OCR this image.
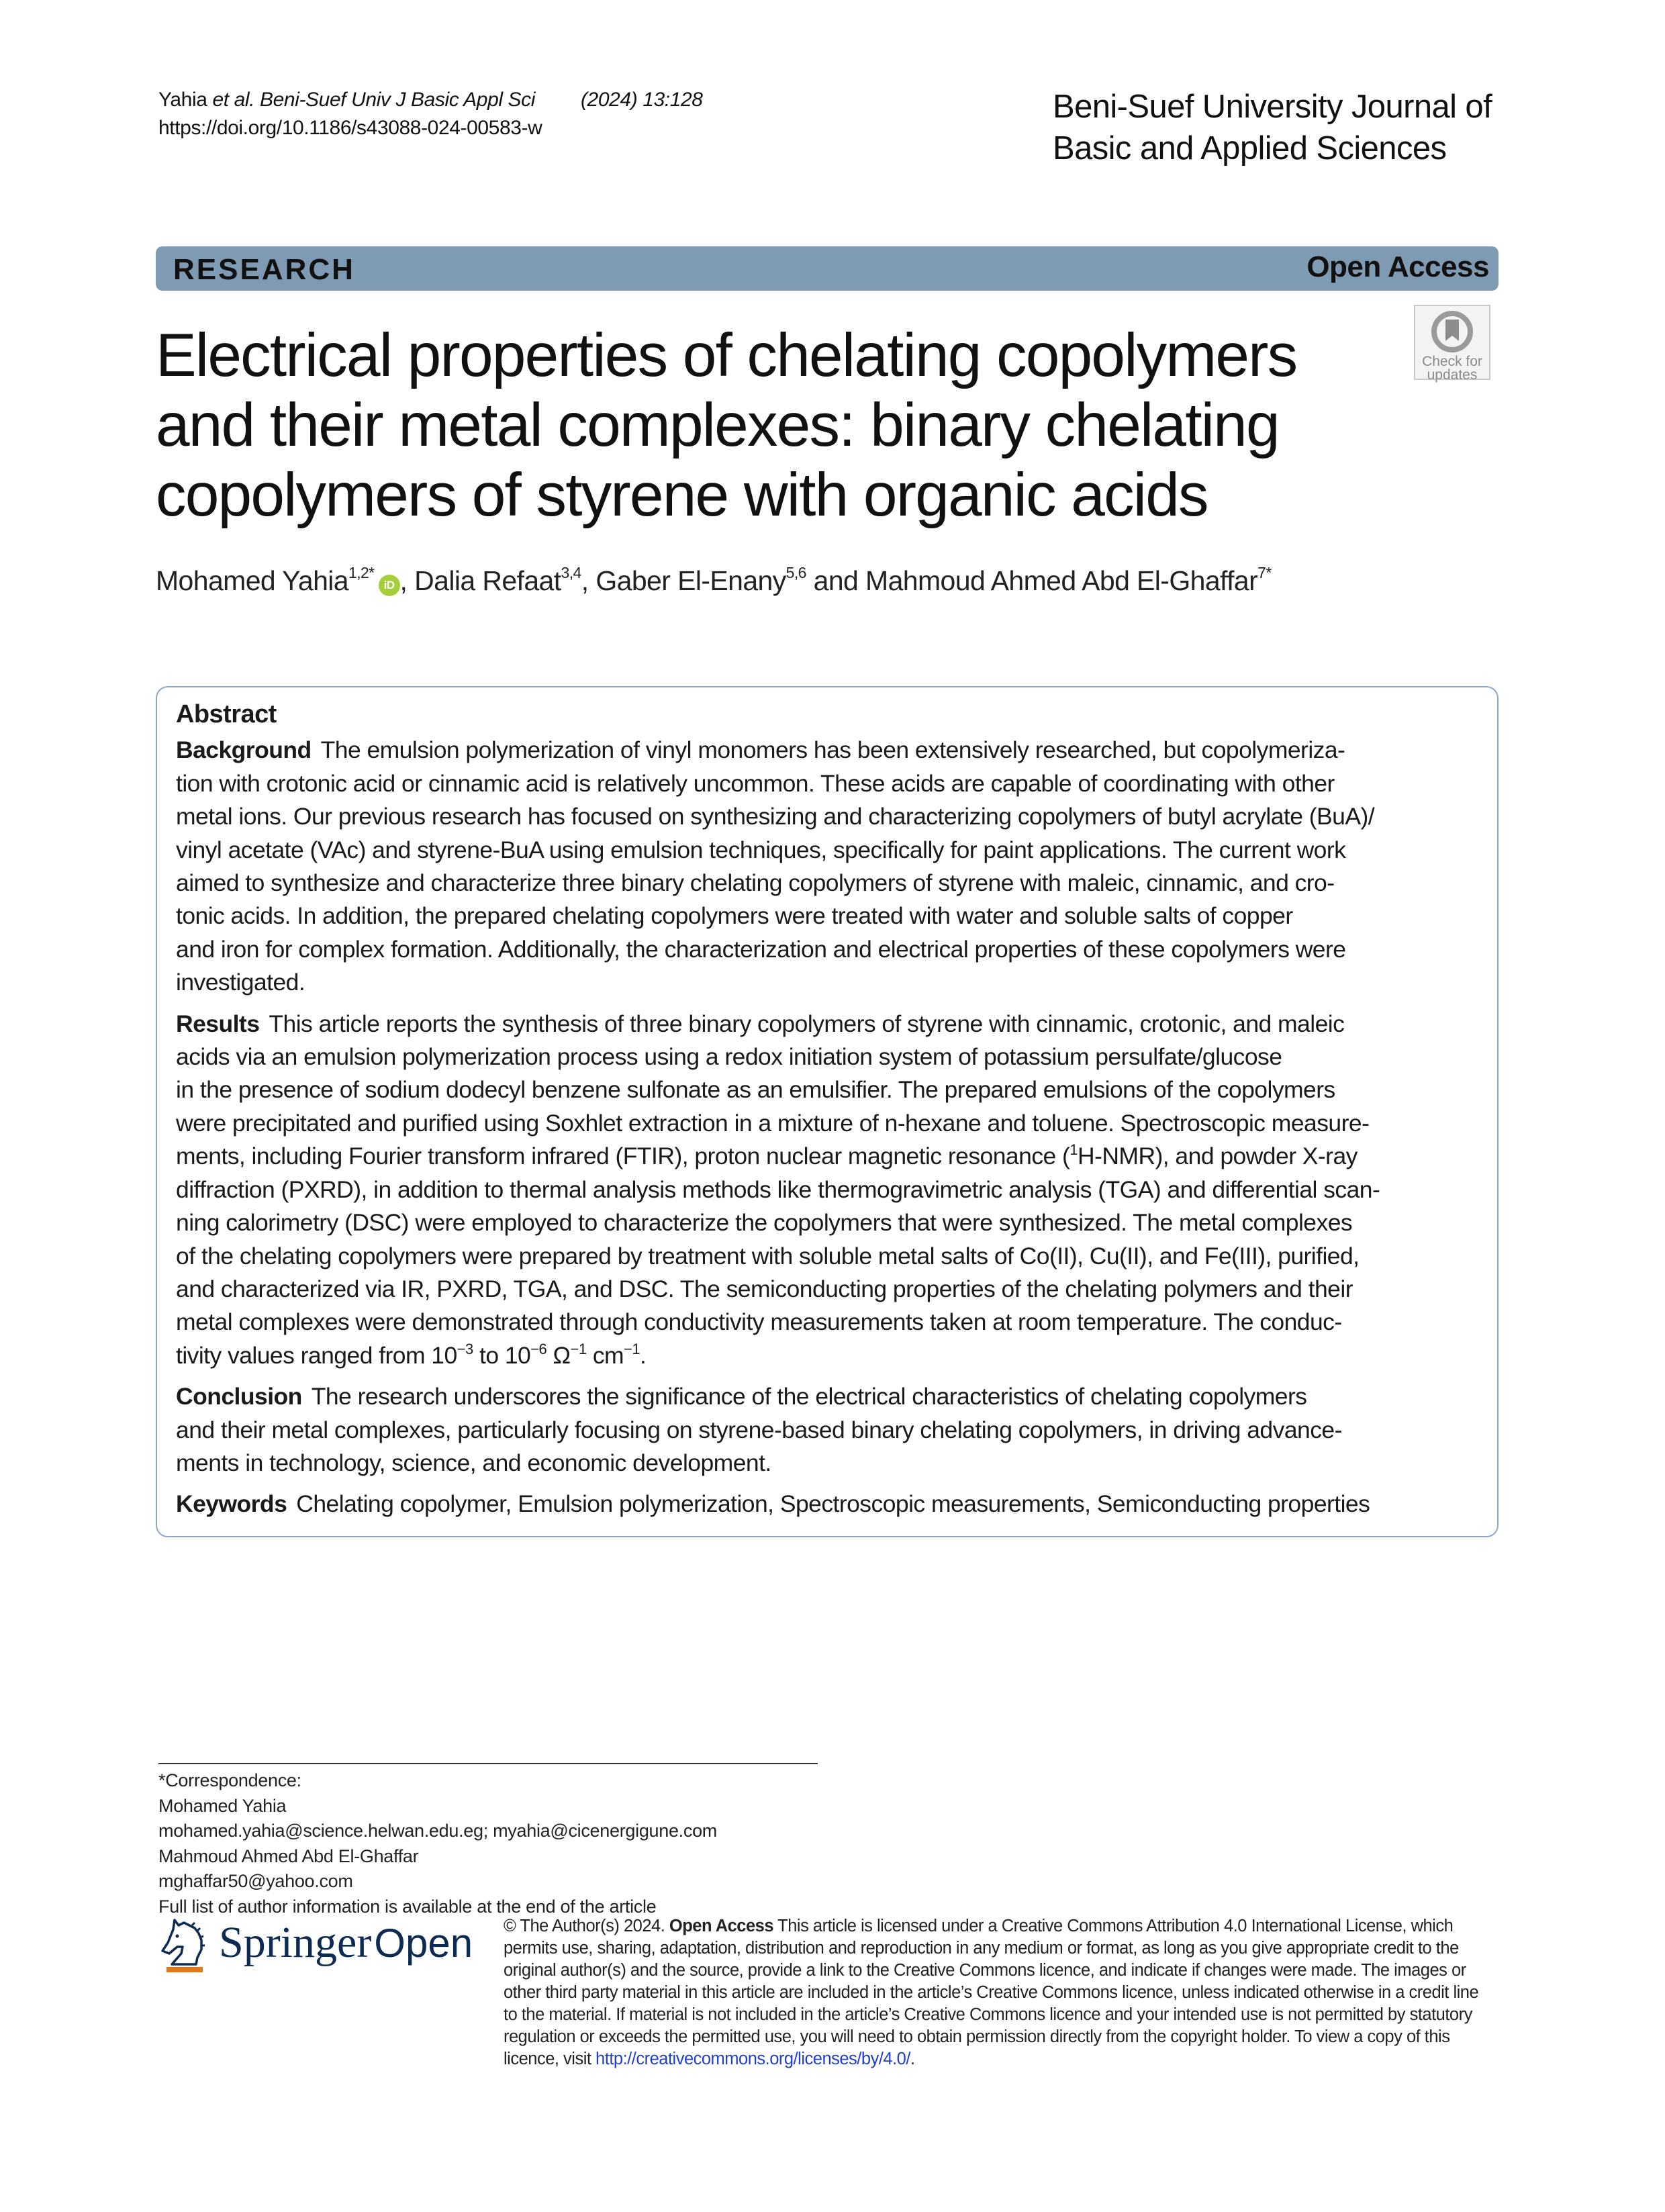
Yahia et al. Beni-Suef Univ J Basic Appl Sci (2024) 13:128
https://doi.org/10.1186/s43088-024-00583-w
Beni-Suef University Journal of
Basic and Applied Sciences
RESEARCH	Open Access
Electrical properties of chelating copolymers
and their metal complexes: binary chelating
copolymers of styrene with organic acids
Check for
updates
Mohamed Yahia$^{1,2*}$iD , Dalia Refaat$^{3,4}$, Gaber El-Enany$^{5,6}$ and Mahmoud Ahmed Abd El-Ghaffar$^{7*}$
Abstract
Background The emulsion polymerization of vinyl monomers has been extensively researched, but copolymeriza-
tion with crotonic acid or cinnamic acid is relatively uncommon. These acids are capable of coordinating with other
metal ions. Our previous research has focused on synthesizing and characterizing copolymers of butyl acrylate (BuA)/
vinyl acetate (VAc) and styrene-BuA using emulsion techniques, specifically for paint applications. The current work
aimed to synthesize and characterize three binary chelating copolymers of styrene with maleic, cinnamic, and cro-
tonic acids. In addition, the prepared chelating copolymers were treated with water and soluble salts of copper
and iron for complex formation. Additionally, the characterization and electrical properties of these copolymers were
investigated.
Results This article reports the synthesis of three binary copolymers of styrene with cinnamic, crotonic, and maleic
acids via an emulsion polymerization process using a redox initiation system of potassium persulfate/glucose
in the presence of sodium dodecyl benzene sulfonate as an emulsifier. The prepared emulsions of the copolymers
were precipitated and purified using Soxhlet extraction in a mixture of n-hexane and toluene. Spectroscopic measure-
ments, including Fourier transform infrared (FTIR), proton nuclear magnetic resonance ($^1$H-NMR), and powder X-ray
diffraction (PXRD), in addition to thermal analysis methods like thermogravimetric analysis (TGA) and differential scan-
ning calorimetry (DSC) were employed to characterize the copolymers that were synthesized. The metal complexes
of the chelating copolymers were prepared by treatment with soluble metal salts of Co(II), Cu(II), and Fe(III), purified,
and characterized via IR, PXRD, TGA, and DSC. The semiconducting properties of the chelating polymers and their
metal complexes were demonstrated through conductivity measurements taken at room temperature. The conduc-
tivity values ranged from $10^{-3}$ to $10^{-6}$ $\Omega^{-1}$ $cm^{-1}$.
Conclusion The research underscores the significance of the electrical characteristics of chelating copolymers
and their metal complexes, particularly focusing on styrene-based binary chelating copolymers, in driving advance-
ments in technology, science, and economic development.
Keywords Chelating copolymer, Emulsion polymerization, Spectroscopic measurements, Semiconducting properties
*Correspondence:
Mohamed Yahia
mohamed.yahia@science.helwan.edu.eg; myahia@cicenergigune.com
Mahmoud Ahmed Abd El-Ghaffar
mghaffar50@yahoo.com
Full list of author information is available at the end of the article
SpringerOpen © The Author(s) 2024. Open Access This article is licensed under a Creative Commons Attribution 4.0 International License, which
permits use, sharing, adaptation, distribution and reproduction in any medium or format, as long as you give appropriate credit to the
original author(s) and the source, provide a link to the Creative Commons licence, and indicate if changes were made. The images or
other third party material in this article are included in the article’s Creative Commons licence, unless indicated otherwise in a credit line
to the material. If material is not included in the article’s Creative Commons licence and your intended use is not permitted by statutory
regulation or exceeds the permitted use, you will need to obtain permission directly from the copyright holder. To view a copy of this
licence, visit http://creativecommons.org/licenses/by/4.0/.
